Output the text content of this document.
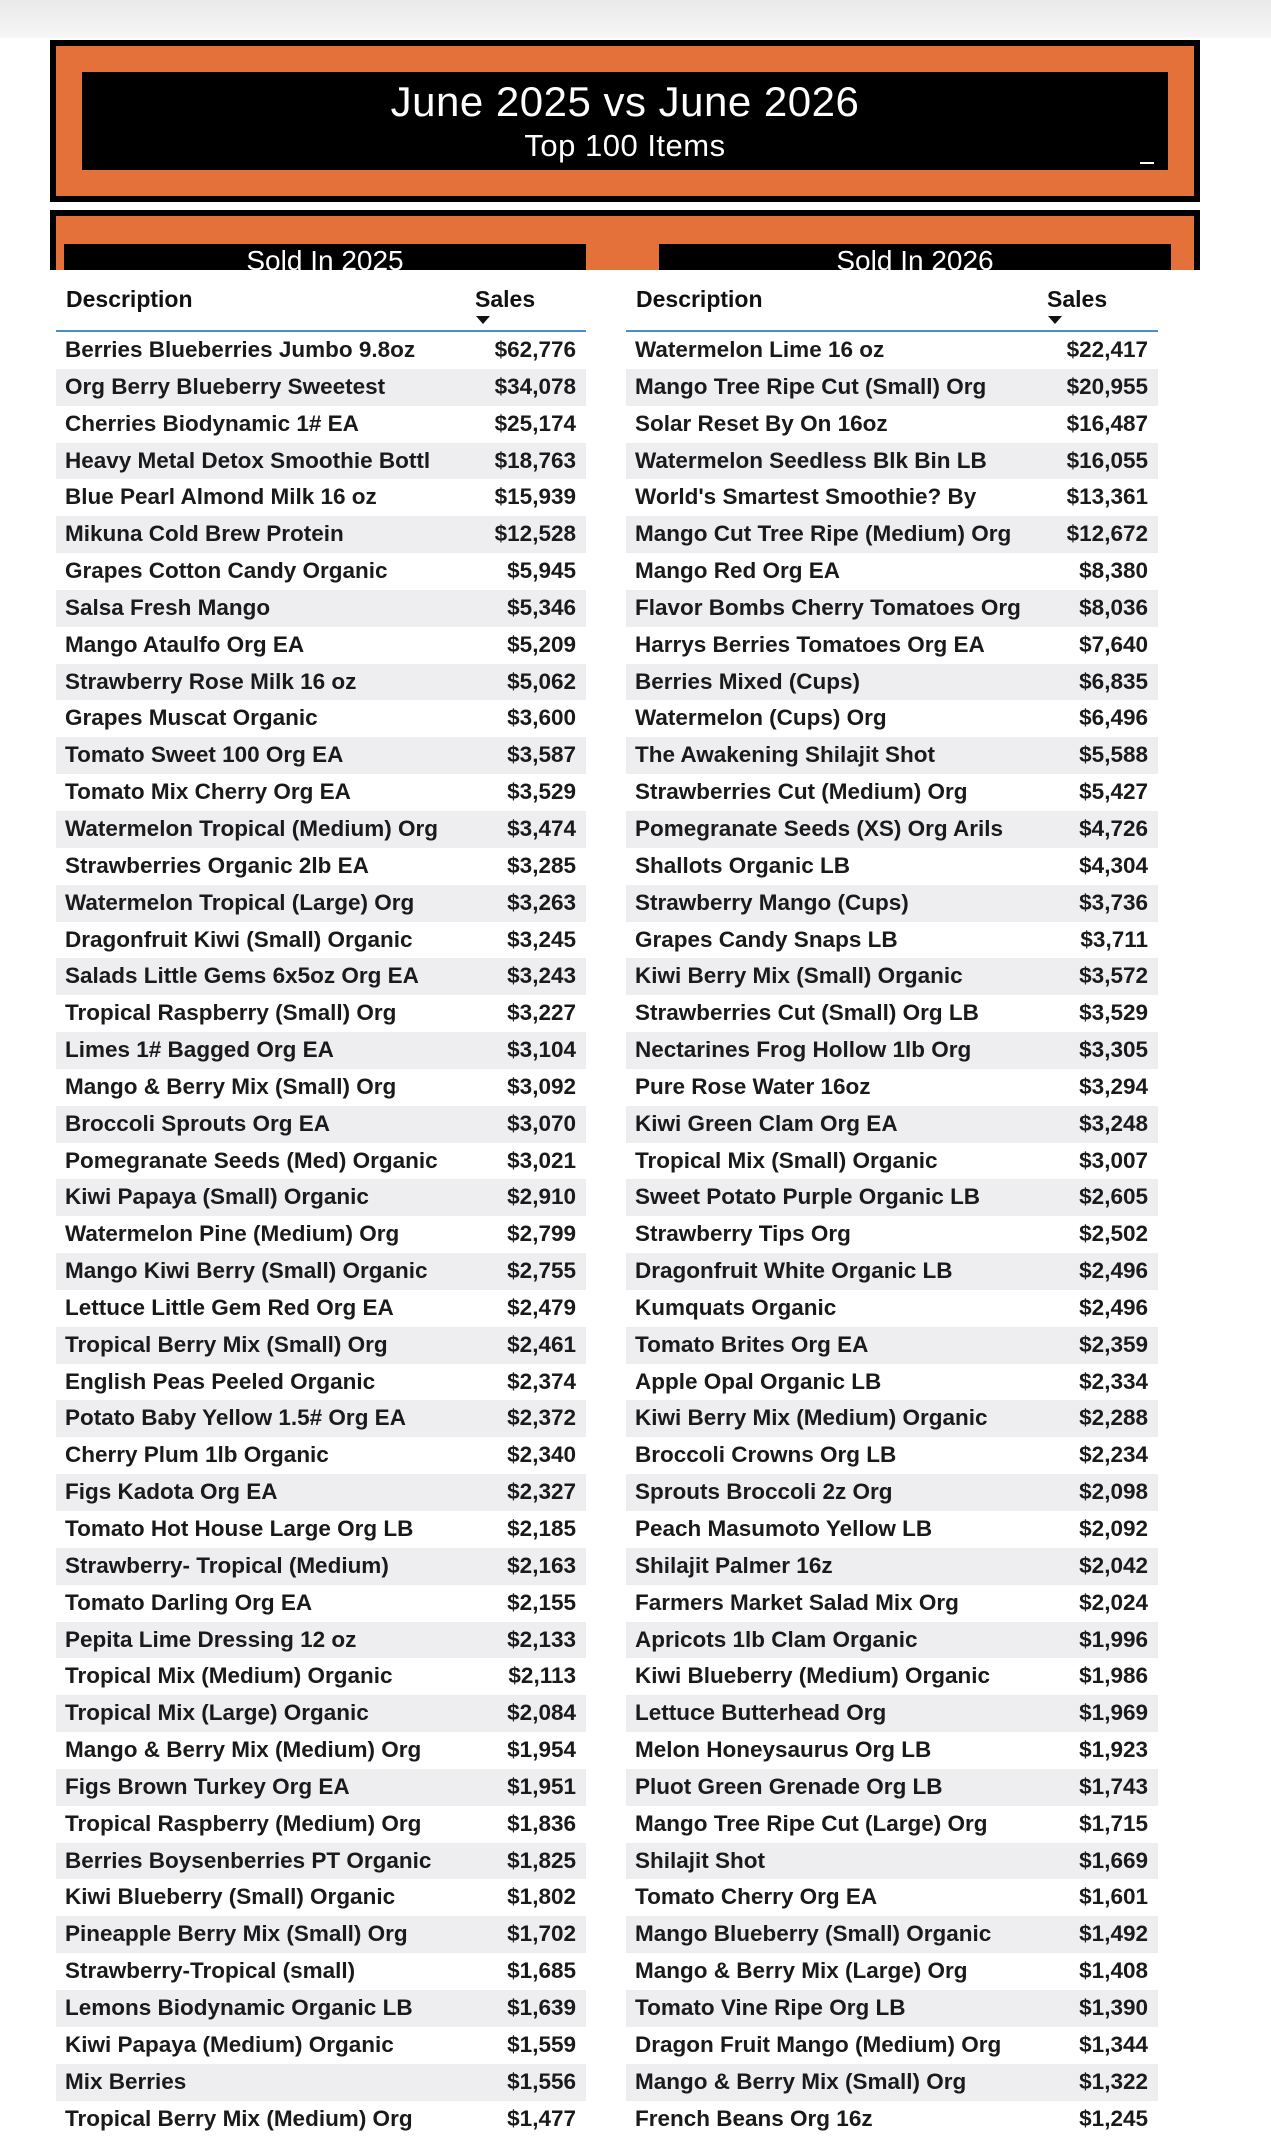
June 2025 vs June 2026
Top 100 Items
Sold In 2025	Sold In 2026
Description	Sales
Berries Blueberries Jumbo 9.8oz	$62,776
Org Berry Blueberry Sweetest	$34,078
Cherries Biodynamic 1# EA	$25,174
Heavy Metal Detox Smoothie Bottl	$18,763
Blue Pearl Almond Milk 16 oz	$15,939
Mikuna Cold Brew Protein	$12,528
Grapes Cotton Candy Organic	$5,945
Salsa Fresh Mango	$5,346
Mango Ataulfo Org EA	$5,209
Strawberry Rose Milk 16 oz	$5,062
Grapes Muscat Organic	$3,600
Tomato Sweet 100 Org EA	$3,587
Tomato Mix Cherry Org EA	$3,529
Watermelon Tropical (Medium) Org	$3,474
Strawberries Organic 2lb EA	$3,285
Watermelon Tropical (Large) Org	$3,263
Dragonfruit Kiwi (Small) Organic	$3,245
Salads Little Gems 6x5oz Org EA	$3,243
Tropical Raspberry (Small) Org	$3,227
Limes 1# Bagged Org EA	$3,104
Mango & Berry Mix (Small) Org	$3,092
Broccoli Sprouts Org EA	$3,070
Pomegranate Seeds (Med) Organic	$3,021
Kiwi Papaya (Small) Organic	$2,910
Watermelon Pine (Medium) Org	$2,799
Mango Kiwi Berry (Small) Organic	$2,755
Lettuce Little Gem Red Org EA	$2,479
Tropical Berry Mix (Small) Org	$2,461
English Peas Peeled Organic	$2,374
Potato Baby Yellow 1.5# Org EA	$2,372
Cherry Plum 1lb Organic	$2,340
Figs Kadota Org EA	$2,327
Tomato Hot House Large Org LB	$2,185
Strawberry- Tropical (Medium)	$2,163
Tomato Darling Org EA	$2,155
Pepita Lime Dressing 12 oz	$2,133
Tropical Mix (Medium) Organic	$2,113
Tropical Mix (Large) Organic	$2,084
Mango & Berry Mix (Medium) Org	$1,954
Figs Brown Turkey Org EA	$1,951
Tropical Raspberry (Medium) Org	$1,836
Berries Boysenberries PT Organic	$1,825
Kiwi Blueberry (Small) Organic	$1,802
Pineapple Berry Mix (Small) Org	$1,702
Strawberry-Tropical (small)	$1,685
Lemons Biodynamic Organic LB	$1,639
Kiwi Papaya (Medium) Organic	$1,559
Mix Berries	$1,556
Tropical Berry Mix (Medium) Org	$1,477
Description	Sales
Watermelon Lime 16 oz	$22,417
Mango Tree Ripe Cut (Small) Org	$20,955
Solar Reset By On 16oz	$16,487
Watermelon Seedless Blk Bin LB	$16,055
World's Smartest Smoothie? By	$13,361
Mango Cut Tree Ripe (Medium) Org $12,672
Mango Red Org EA	$8,380
Flavor Bombs Cherry Tomatoes Org	$8,036
Harrys Berries Tomatoes Org EA	$7,640
Berries Mixed (Cups)	$6,835
Watermelon (Cups) Org	$6,496
The Awakening Shilajit Shot	$5,588
Strawberries Cut (Medium) Org	$5,427
Pomegranate Seeds (XS) Org Arils	$4,726
Shallots Organic LB	$4,304
Strawberry Mango (Cups)	$3,736
Grapes Candy Snaps LB	$3,711
Kiwi Berry Mix (Small) Organic	$3,572
Strawberries Cut (Small) Org LB	$3,529
Nectarines Frog Hollow 1lb Org	$3,305
Pure Rose Water 16oz	$3,294
Kiwi Green Clam Org EA	$3,248
Tropical Mix (Small) Organic	$3,007
Sweet Potato Purple Organic LB	$2,605
Strawberry Tips Org	$2,502
Dragonfruit White Organic LB	$2,496
Kumquats Organic	$2,496
Tomato Brites Org EA	$2,359
Apple Opal Organic LB	$2,334
Kiwi Berry Mix (Medium) Organic	$2,288
Broccoli Crowns Org LB	$2,234
Sprouts Broccoli 2z Org	$2,098
Peach Masumoto Yellow LB	$2,092
Shilajit Palmer 16z	$2,042
Farmers Market Salad Mix Org	$2,024
Apricots 1lb Clam Organic	$1,996
Kiwi Blueberry (Medium) Organic	$1,986
Lettuce Butterhead Org	$1,969
Melon Honeysaurus Org LB	$1,923
Pluot Green Grenade Org LB	$1,743
Mango Tree Ripe Cut (Large) Org	$1,715
Shilajit Shot	$1,669
Tomato Cherry Org EA	$1,601
Mango Blueberry (Small) Organic	$1,492
Mango & Berry Mix (Large) Org	$1,408
Tomato Vine Ripe Org LB	$1,390
Dragon Fruit Mango (Medium) Org	$1,344
Mango & Berry Mix (Small) Org	$1,322
French Beans Org 16z	$1,245
